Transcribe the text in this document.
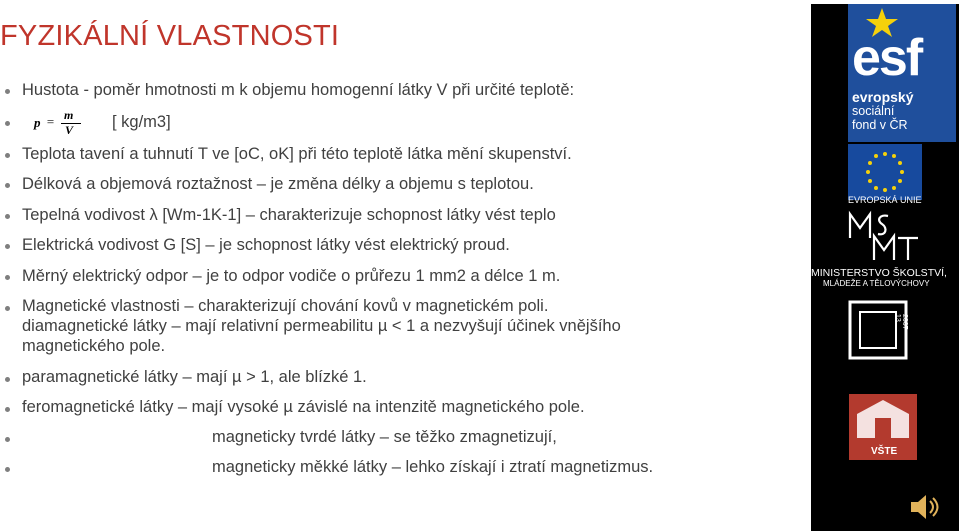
FYZIKÁLNÍ VLASTNOSTI
Hustota - poměr hmotnosti m k objemu homogenní látky V při určité teplotě:
p = m
V [ kg/m3]
Teplota tavení a tuhnutí T ve [oC, oK] při této teplotě látka mění skupenství.
Délková a objemová roztažnost – je změna délky a objemu s teplotou.
Tepelná vodivost λ [Wm-1K-1] – charakterizuje schopnost látky vést teplo
Elektrická vodivost G [S] – je schopnost látky vést elektrický proud.
Měrný elektrický odpor – je to odpor vodiče o průřezu 1 mm2 a délce 1 m.
Magnetické vlastnosti – charakterizují chování kovů v magnetickém poli.
diamagnetické látky – mají relativní permeabilitu µ < 1 a nezvyšují účinek vnějšího
magnetického pole.
paramagnetické látky – mají µ > 1, ale blízké 1.
feromagnetické látky – mají vysoké µ závislé na intenzitě magnetického pole.
magneticky tvrdé látky – se těžko zmagnetizují,
magneticky měkké látky – lehko získají i ztratí magnetizmus.
esf
evropský
sociální
fond v ČR
EVROPSKÁ UNIE
MINISTERSTVO ŠKOLSTVÍ,
MLÁDEŽE A TĚLOVÝCHOVY
2007-13
VŠTE
